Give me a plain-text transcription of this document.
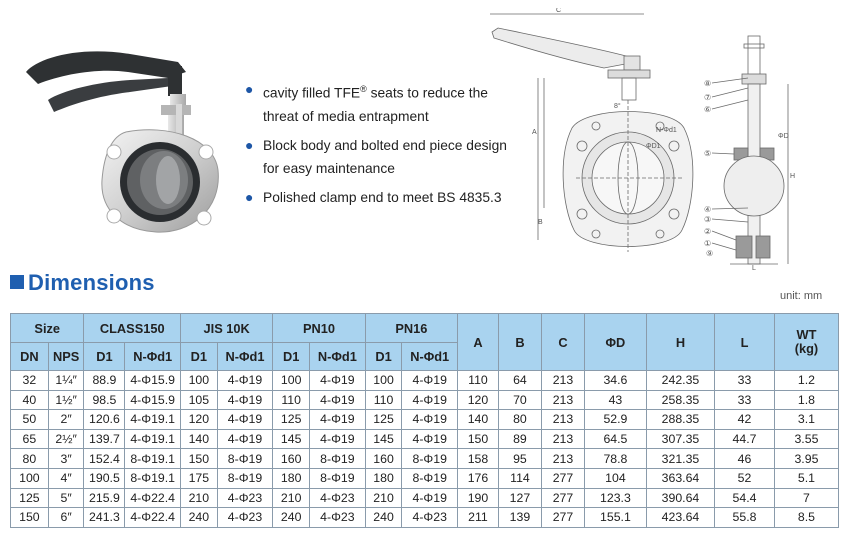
● cavity filled TFE® seats to reduce the threat of media entrapment
● Block body and bolted end piece design for easy maintenance
● Polished clamp end to meet BS 4835.3
C
A
B
ΦD1
N-Φd1
8°
H
L
ΦD
⑧
⑦
⑥
⑤
④
③
②
①
⑨
Dimensions
unit: mm
Size		CLASS150		JIS 10K		PN10		PN16		A	B	C	ΦD	H	L	WT
(kg)
DN	NPS	D1	N-Φd1	D1	N-Φd1	D1	N-Φd1	D1	N-Φd1							
32	1¼″	88.9	4-Φ15.9	100	4-Φ19	100	4-Φ19	100	4-Φ19	110	64	213	34.6	242.35	33	1.2
40	1½″	98.5	4-Φ15.9	105	4-Φ19	110	4-Φ19	110	4-Φ19	120	70	213	43	258.35	33	1.8
50	2″	120.6	4-Φ19.1	120	4-Φ19	125	4-Φ19	125	4-Φ19	140	80	213	52.9	288.35	42	3.1
65	2½″	139.7	4-Φ19.1	140	4-Φ19	145	4-Φ19	145	4-Φ19	150	89	213	64.5	307.35	44.7	3.55
80	3″	152.4	8-Φ19.1	150	8-Φ19	160	8-Φ19	160	8-Φ19	158	95	213	78.8	321.35	46	3.95
100	4″	190.5	8-Φ19.1	175	8-Φ19	180	8-Φ19	180	8-Φ19	176	114	277	104	363.64	52	5.1
125	5″	215.9	4-Φ22.4	210	4-Φ23	210	4-Φ23	210	4-Φ19	190	127	277	123.3	390.64	54.4	7
150	6″	241.3	4-Φ22.4	240	4-Φ23	240	4-Φ23	240	4-Φ23	211	139	277	155.1	423.64	55.8	8.5
